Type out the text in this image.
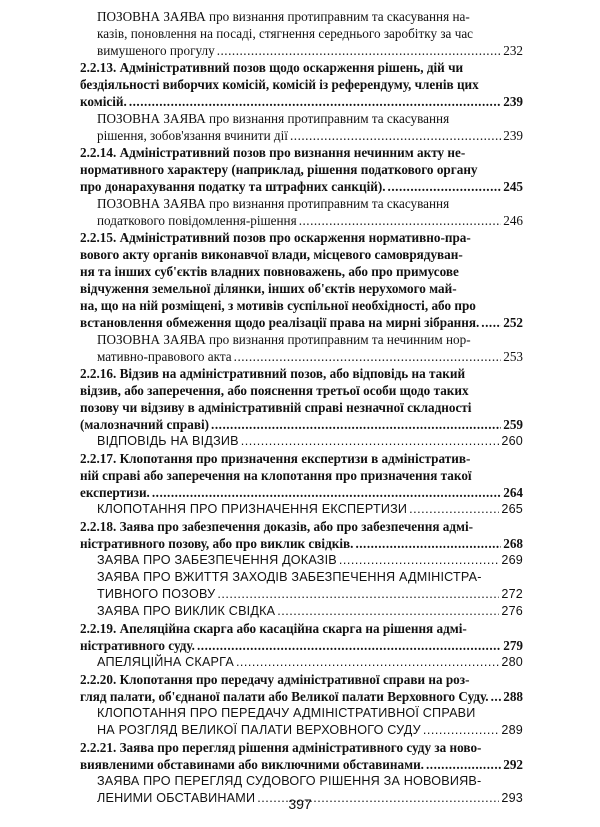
ПОЗОВНА ЗАЯВА про визнання протиправним та скасування на-
казів, поновлення на посаді, стягнення середнього заробітку за час
вимушеного прогулу .....	232
2.2.13. Адміністративний позов щодо оскарження рішень, дій чи
бездіяльності виборчих комісій, комісій із референдуму, членів цих
комісій. .....	239
ПОЗОВНА ЗАЯВА про визнання протиправним та скасування
рішення, зобов'язання вчинити дії .....	239
2.2.14. Адміністративний позов про визнання нечинним акту не-
нормативного характеру (наприклад, рішення податкового органу
про донарахування податку та штрафних санкцій). .....	245
ПОЗОВНА ЗАЯВА про визнання протиправним та скасування
податкового повідомлення-рішення .....	246
2.2.15. Адміністративний позов про оскарження нормативно-пра-
вового акту органів виконавчої влади, місцевого самоврядуван-
ня та інших суб'єктів владних повноважень, або про примусове
відчуження земельної ділянки, інших об'єктів нерухомого май-
на, що на ній розміщені, з мотивів суспільної необхідності, або про
встановлення обмеження щодо реалізації права на мирні зібрання. ..... 252
ПОЗОВНА ЗАЯВА про визнання протиправним та нечинним нор-
мативно-правового акта .....	253
2.2.16. Відзив на адміністративний позов, або відповідь на такий
відзив, або заперечення, або пояснення третьої особи щодо таких
позову чи відзиву в адміністративній справі незначної складності
(малозначний справі) .....	259
ВІДПОВІДЬ НА ВІДЗИВ .....	260
2.2.17. Клопотання про призначення експертизи в адміністратив-
ній справі або заперечення на клопотання про призначення такої
експертизи. .....	264
КЛОПОТАННЯ ПРО ПРИЗНАЧЕННЯ ЕКСПЕРТИЗИ .....	265
2.2.18. Заява про забезпечення доказів, або про забезпечення адмі-
ністративного позову, або про виклик свідків. .....	268
ЗАЯВА ПРО ЗАБЕЗПЕЧЕННЯ ДОКАЗІВ .....	269
ЗАЯВА ПРО ВЖИТТЯ ЗАХОДІВ ЗАБЕЗПЕЧЕННЯ АДМІНІСТРА-
ТИВНОГО ПОЗОВУ .....	272
ЗАЯВА ПРО ВИКЛИК СВІДКА .....	276
2.2.19. Апеляційна скарга або касаційна скарга на рішення адмі-
ністративного суду. .....	279
АПЕЛЯЦІЙНА СКАРГА .....	280
2.2.20. Клопотання про передачу адміністративної справи на роз-
гляд палати, об'єднаної палати або Великої палати Верховного Суду. ..... 288
КЛОПОТАННЯ ПРО ПЕРЕДАЧУ АДМІНІСТРАТИВНОЇ СПРАВИ
НА РОЗГЛЯД ВЕЛИКОЇ ПАЛАТИ ВЕРХОВНОГО СУДУ .....	289
2.2.21. Заява про перегляд рішення адміністративного суду за ново-
виявленими обставинами або виключними обставинами. .....	292
ЗАЯВА ПРО ПЕРЕГЛЯД СУДОВОГО РІШЕННЯ ЗА НОВОВИЯВ-
ЛЕНИМИ ОБСТАВИНАМИ .....	293
397
